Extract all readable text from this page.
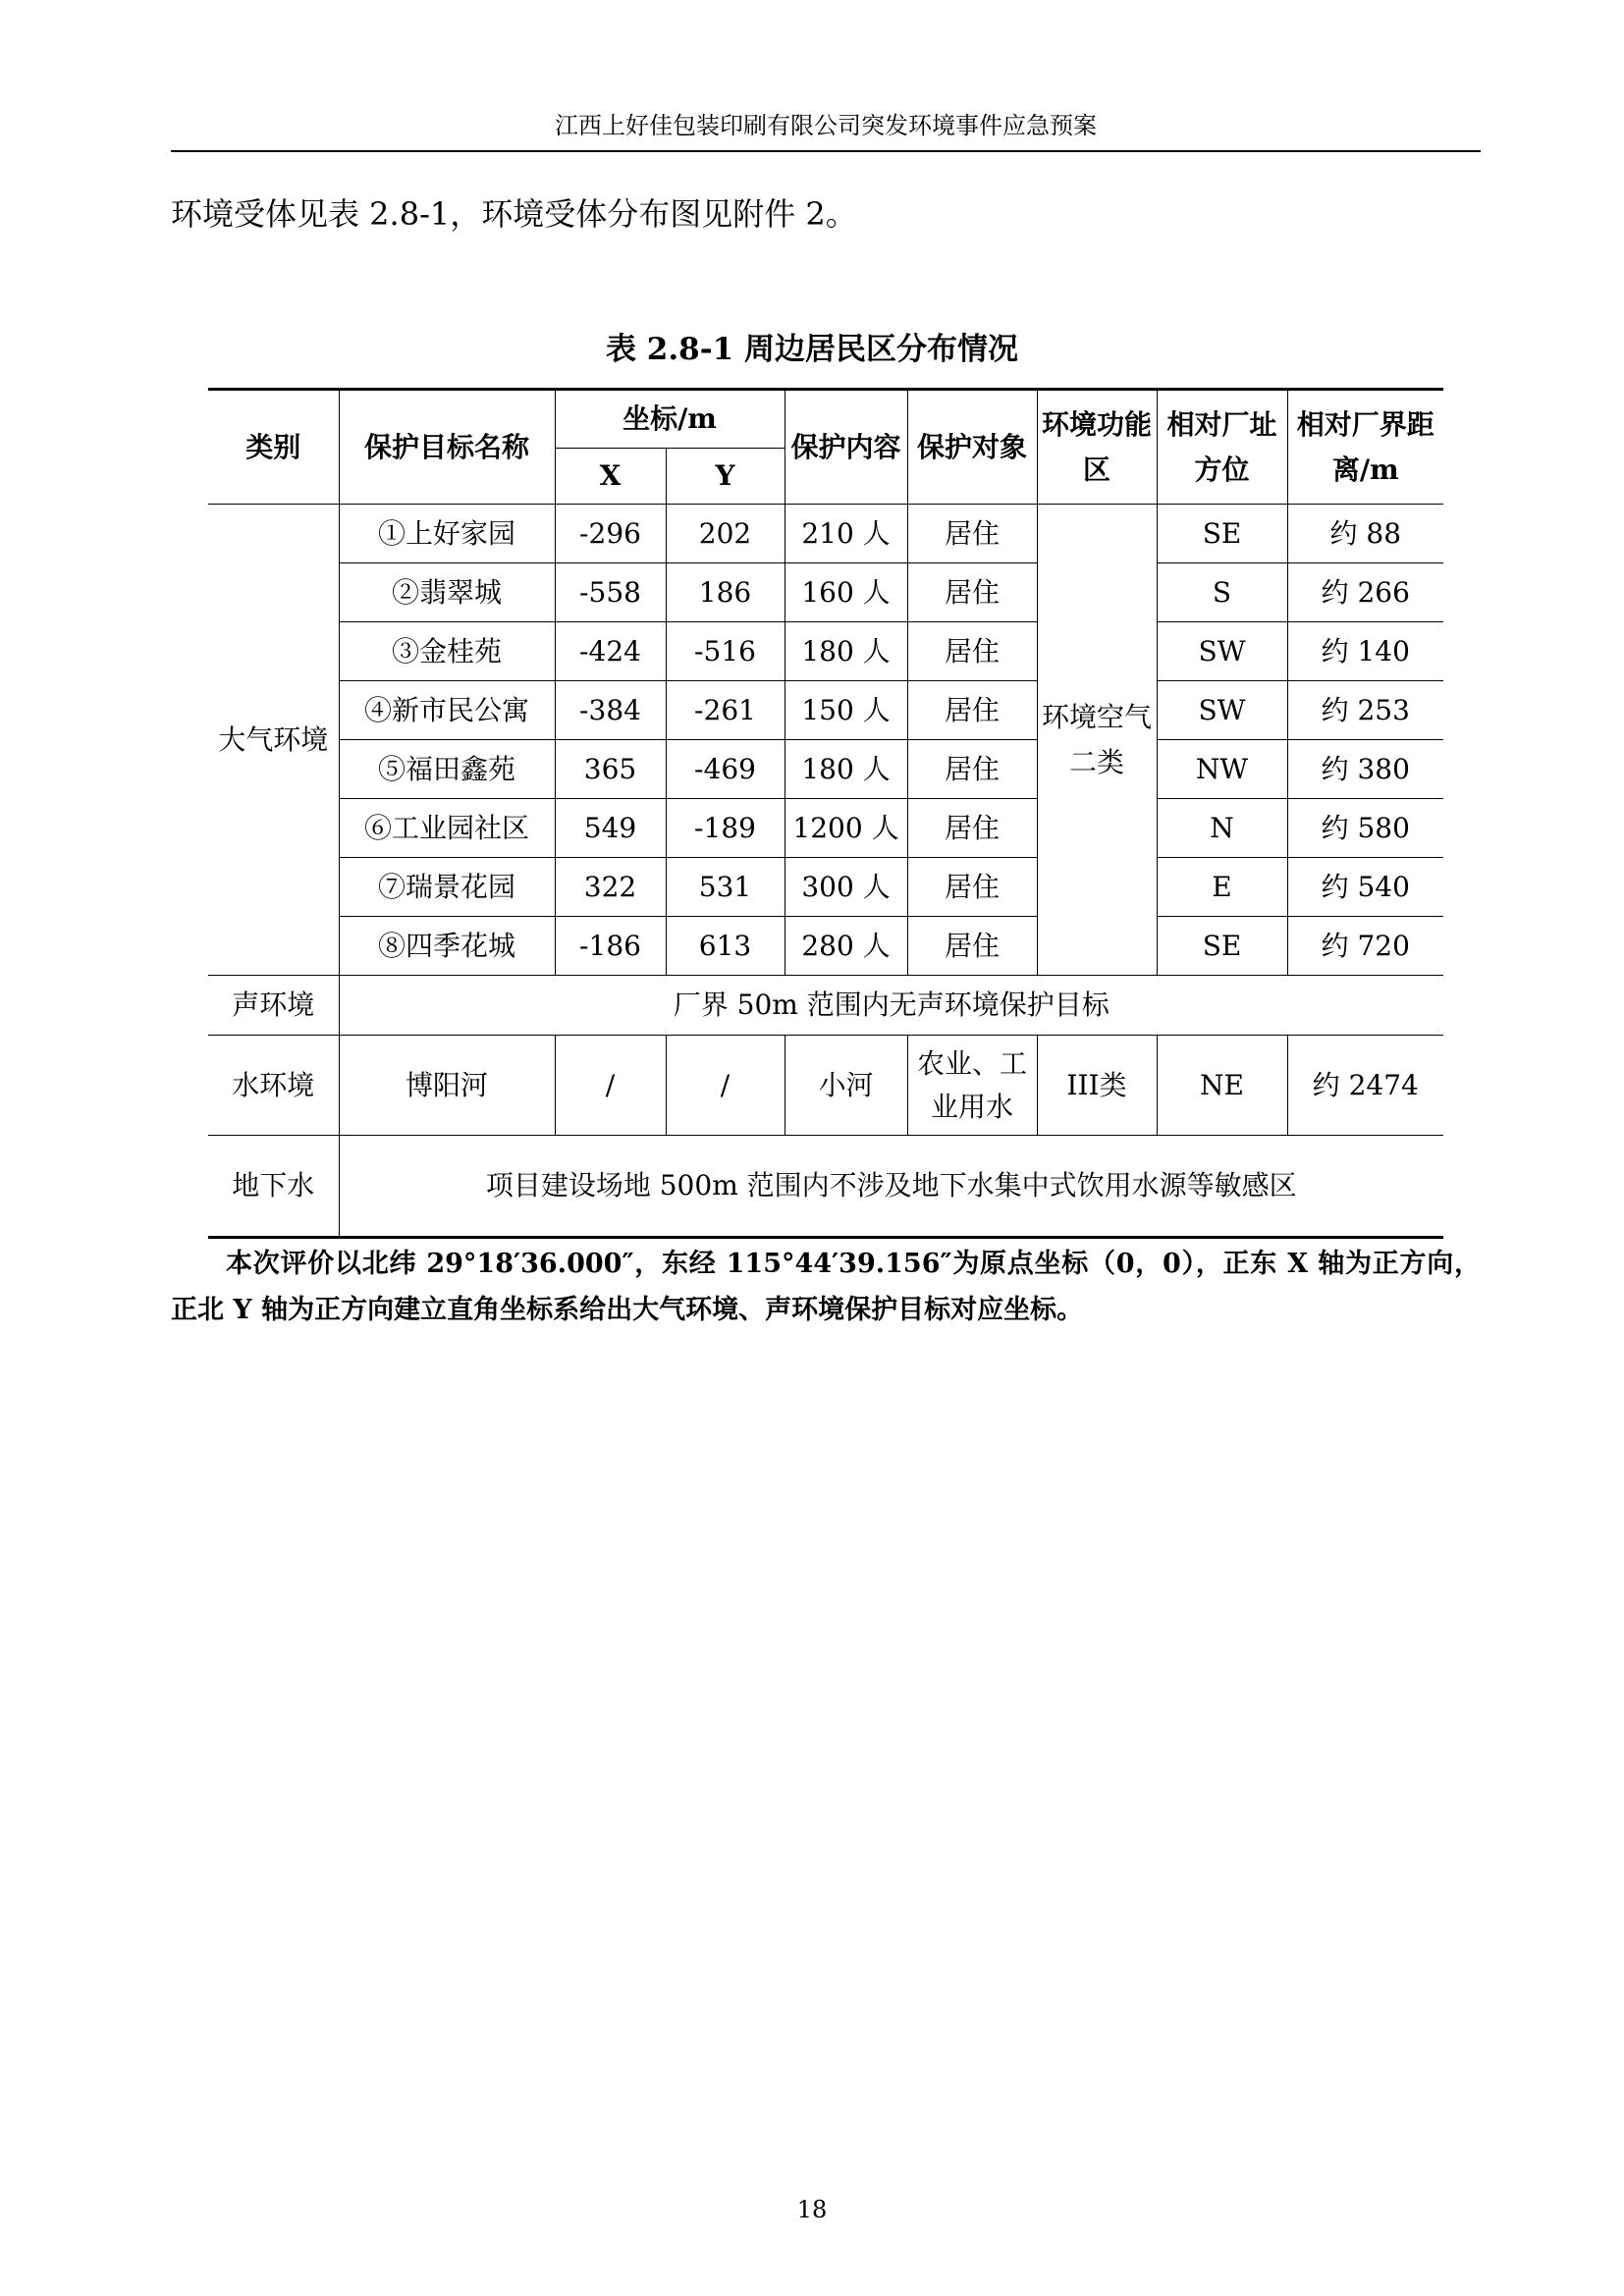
江西上好佳包装印刷有限公司突发环境事件应急预案

环境受体见表 2.8-1，环境受体分布图见附件 2。

表 2.8-1 周边居民区分布情况
类别	保护目标名称	坐标/m		保护内容	保护对象	环境功能区	相对厂址方位	相对厂界距离/m
		X	Y					
大气环境	①上好家园	-296	202	210 人	居住	环境空气二类	SE	约 88
	②翡翠城	-558	186	160 人	居住		S	约 266
	③金桂苑	-424	-516	180 人	居住		SW	约 140
	④新市民公寓	-384	-261	150 人	居住		SW	约 253
	⑤福田鑫苑	365	-469	180 人	居住		NW	约 380
	⑥工业园社区	549	-189	1200 人	居住		N	约 580
	⑦瑞景花园	322	531	300 人	居住		E	约 540
	⑧四季花城	-186	613	280 人	居住		SE	约 720
声环境	厂界 50m 范围内无声环境保护目标							
水环境	博阳河	/	/	小河	农业、工业用水	III类	NE	约 2474
地下水	项目建设场地 500m 范围内不涉及地下水集中式饮用水源等敏感区							

本次评价以北纬 29°18′36.000″，东经 115°44′39.156″为原点坐标（0，0），正东 X 轴为正方向，正北 Y 轴为正方向建立直角坐标系给出大气环境、声环境保护目标对应坐标。

18
